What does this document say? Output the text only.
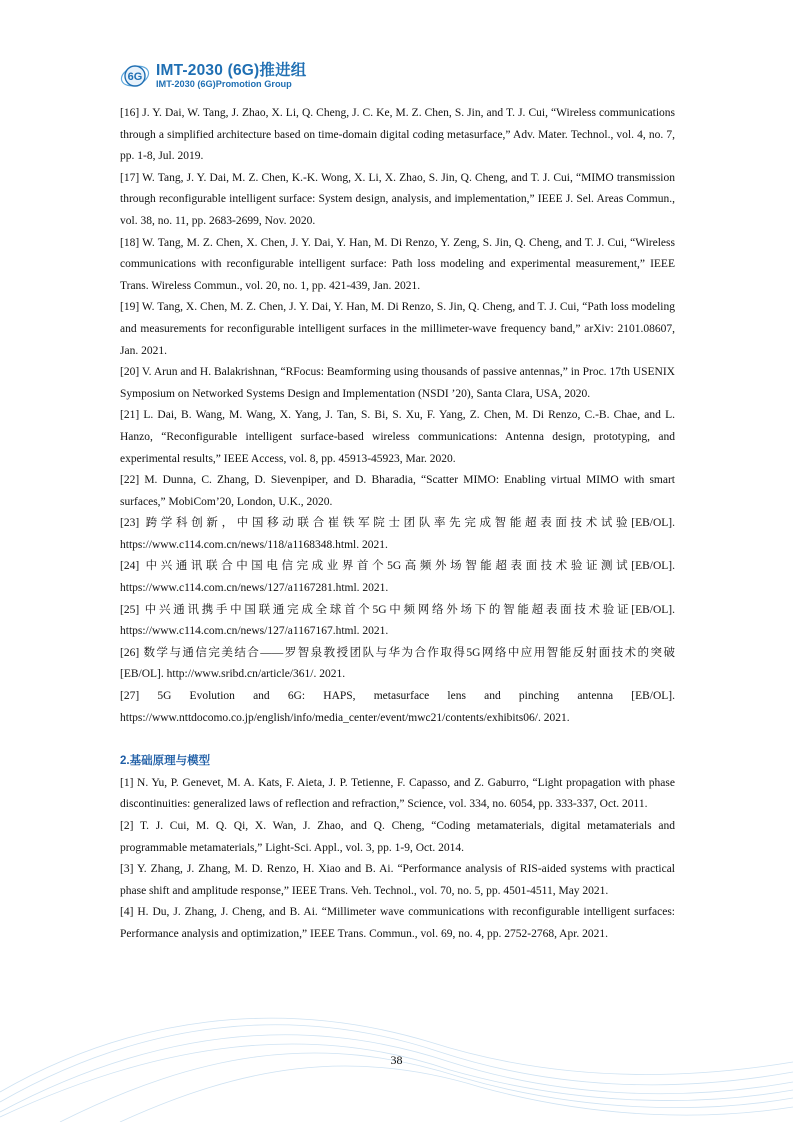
6G IMT-2030 (6G)推进组
IMT-2030 (6G)Promotion Group

[16] J. Y. Dai, W. Tang, J. Zhao, X. Li, Q. Cheng, J. C. Ke, M. Z. Chen, S. Jin, and T. J. Cui, “Wireless communications through a simplified architecture based on time-domain digital coding metasurface,” Adv. Mater. Technol., vol. 4, no. 7, pp. 1-8, Jul. 2019.

[17] W. Tang, J. Y. Dai, M. Z. Chen, K.-K. Wong, X. Li, X. Zhao, S. Jin, Q. Cheng, and T. J. Cui, “MIMO transmission through reconfigurable intelligent surface: System design, analysis, and implementation,” IEEE J. Sel. Areas Commun., vol. 38, no. 11, pp. 2683-2699, Nov. 2020.

[18] W. Tang, M. Z. Chen, X. Chen, J. Y. Dai, Y. Han, M. Di Renzo, Y. Zeng, S. Jin, Q. Cheng, and T. J. Cui, “Wireless communications with reconfigurable intelligent surface: Path loss modeling and experimental measurement,” IEEE Trans. Wireless Commun., vol. 20, no. 1, pp. 421-439, Jan. 2021.

[19] W. Tang, X. Chen, M. Z. Chen, J. Y. Dai, Y. Han, M. Di Renzo, S. Jin, Q. Cheng, and T. J. Cui, “Path loss modeling and measurements for reconfigurable intelligent surfaces in the millimeter-wave frequency band,” arXiv: 2101.08607, Jan. 2021.

[20] V. Arun and H. Balakrishnan, “RFocus: Beamforming using thousands of passive antennas,” in Proc. 17th USENIX Symposium on Networked Systems Design and Implementation (NSDI ’20), Santa Clara, USA, 2020.

[21] L. Dai, B. Wang, M. Wang, X. Yang, J. Tan, S. Bi, S. Xu, F. Yang, Z. Chen, M. Di Renzo, C.-B. Chae, and L. Hanzo, “Reconfigurable intelligent surface-based wireless communications: Antenna design, prototyping, and experimental results,” IEEE Access, vol. 8, pp. 45913-45923, Mar. 2020.

[22] M. Dunna, C. Zhang, D. Sievenpiper, and D. Bharadia, “Scatter MIMO: Enabling virtual MIMO with smart surfaces,” MobiCom’20, London, U.K., 2020.

[23] 跨学科创新，中国移动联合崔铁军院士团队率先完成智能超表面技术试验[EB/OL].
https://www.c114.com.cn/news/118/a1168348.html. 2021.

[24] 中兴通讯联合中国电信完成业界首个5G高频外场智能超表面技术验证测试[EB/OL].
https://www.c114.com.cn/news/127/a1167281.html. 2021.

[25] 中兴通讯携手中国联通完成全球首个5G中频网络外场下的智能超表面技术验证[EB/OL].
https://www.c114.com.cn/news/127/a1167167.html. 2021.

[26] 数学与通信完美结合——罗智泉教授团队与华为合作取得5G网络中应用智能反射面技术的突破
[EB/OL]. http://www.sribd.cn/article/361/. 2021.

[27] 5G Evolution and 6G: HAPS, metasurface lens and pinching antenna [EB/OL].
https://www.nttdocomo.co.jp/english/info/media_center/event/mwc21/contents/exhibits06/. 2021.

2.基础原理与模型

[1] N. Yu, P. Genevet, M. A. Kats, F. Aieta, J. P. Tetienne, F. Capasso, and Z. Gaburro, “Light propagation with phase discontinuities: generalized laws of reflection and refraction,” Science, vol. 334, no. 6054, pp. 333-337, Oct. 2011.

[2] T. J. Cui, M. Q. Qi, X. Wan, J. Zhao, and Q. Cheng, “Coding metamaterials, digital metamaterials and programmable metamaterials,” Light-Sci. Appl., vol. 3, pp. 1-9, Oct. 2014.

[3] Y. Zhang, J. Zhang, M. D. Renzo, H. Xiao and B. Ai. “Performance analysis of RIS-aided systems with practical phase shift and amplitude response,” IEEE Trans. Veh. Technol., vol. 70, no. 5, pp. 4501-4511, May 2021.

[4] H. Du, J. Zhang, J. Cheng, and B. Ai. “Millimeter wave communications with reconfigurable intelligent surfaces: Performance analysis and optimization,” IEEE Trans. Commun., vol. 69, no. 4, pp. 2752-2768, Apr. 2021.

38
